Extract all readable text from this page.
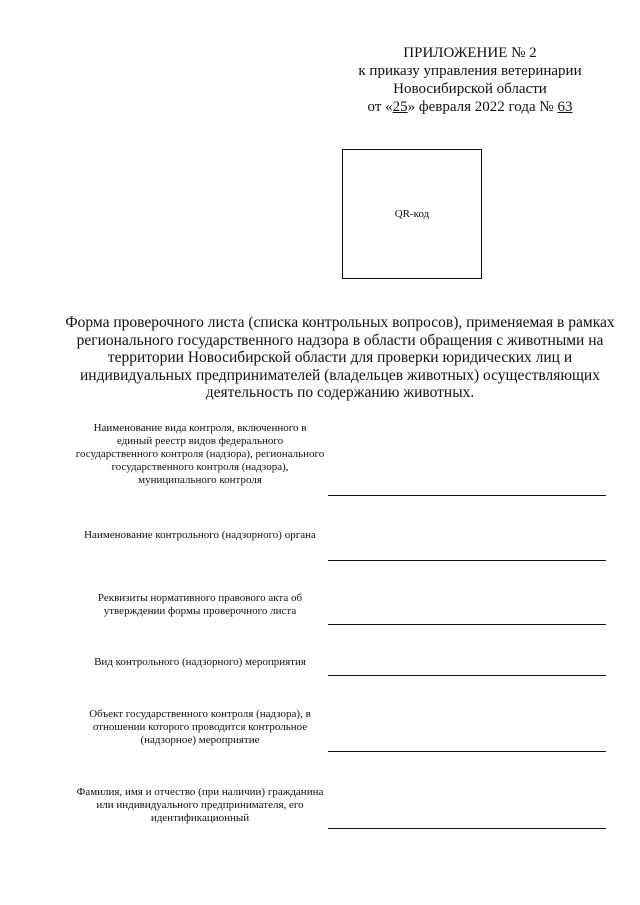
ПРИЛОЖЕНИЕ № 2
к приказу управления ветеринарии
Новосибирской области
от «25» февраля 2022 года № 63
QR-код
Форма проверочного листа (списка контрольных вопросов), применяемая в рамках регионального государственного надзора в области обращения с животными на территории Новосибирской области для проверки юридических лиц и индивидуальных предпринимателей (владельцев животных) осуществляющих деятельность по содержанию животных.
Наименование вида контроля, включенного в единый реестр видов федерального государственного контроля (надзора), регионального государственного контроля (надзора), муниципального контроля
Наименование контрольного (надзорного) органа
Реквизиты нормативного правового акта об утверждении формы проверочного листа
Вид контрольного (надзорного) мероприятия
Объект государственного контроля (надзора), в отношении которого проводится контрольное (надзорное) мероприятие
Фамилия, имя и отчество (при наличии) гражданина или индивидуального предпринимателя, его идентификационный
